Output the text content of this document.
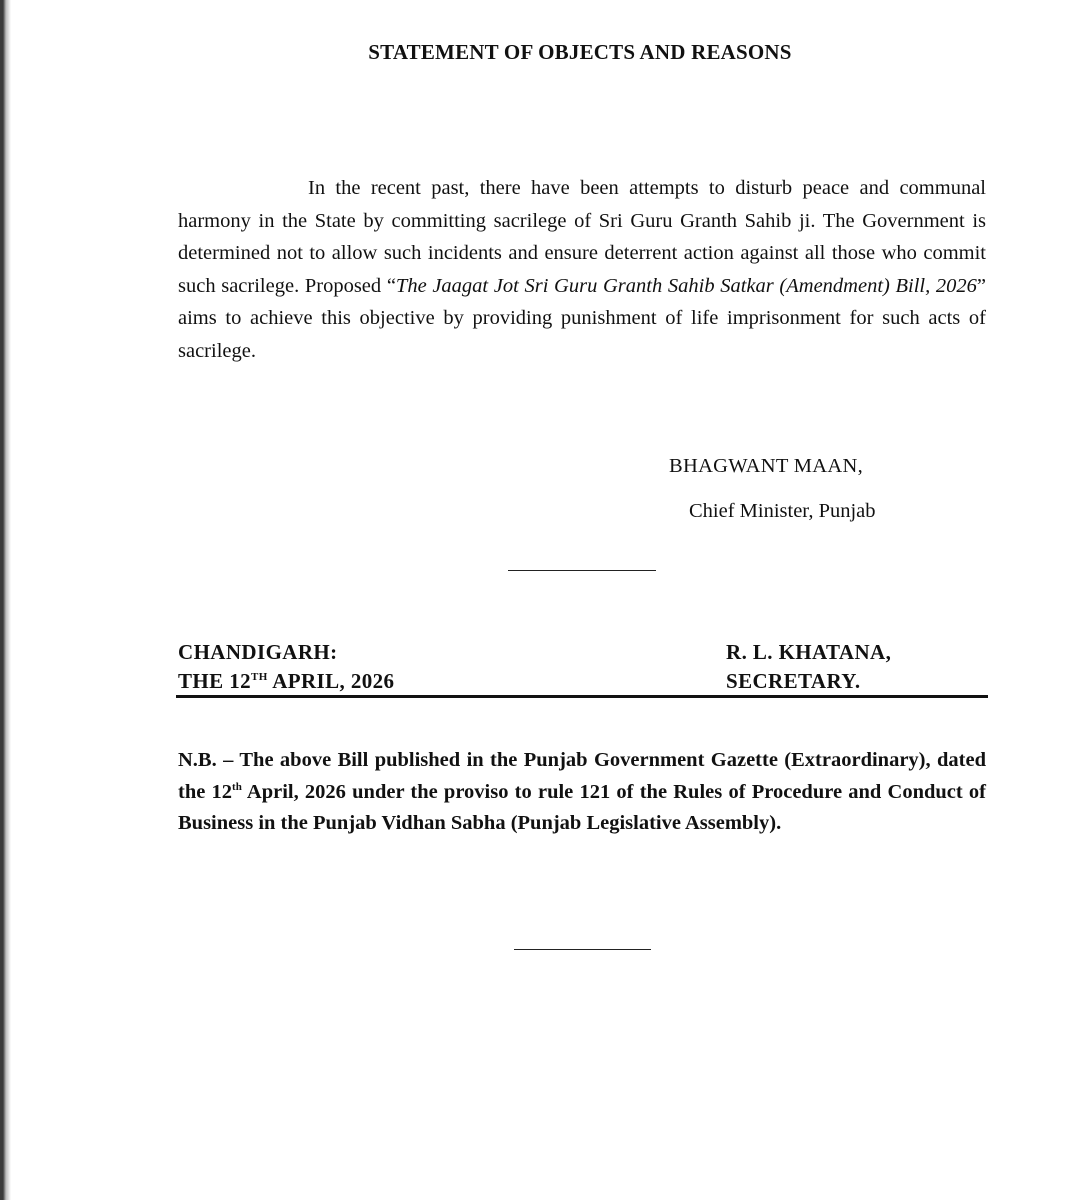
STATEMENT OF OBJECTS AND REASONS

In the recent past, there have been attempts to disturb peace and communal harmony in the State by committing sacrilege of Sri Guru Granth Sahib ji. The Government is determined not to allow such incidents and ensure deterrent action against all those who commit such sacrilege. Proposed “The Jaagat Jot Sri Guru Granth Sahib Satkar (Amendment) Bill, 2026” aims to achieve this objective by providing punishment of life imprisonment for such acts of sacrilege.

BHAGWANT MAAN,
Chief Minister, Punjab
CHANDIGARH:
THE 12TH APRIL, 2026
R. L. KHATANA,
SECRETARY.

N.B. – The above Bill published in the Punjab Government Gazette (Extraordinary), dated the 12th April, 2026 under the proviso to rule 121 of the Rules of Procedure and Conduct of Business in the Punjab Vidhan Sabha (Punjab Legislative Assembly).
